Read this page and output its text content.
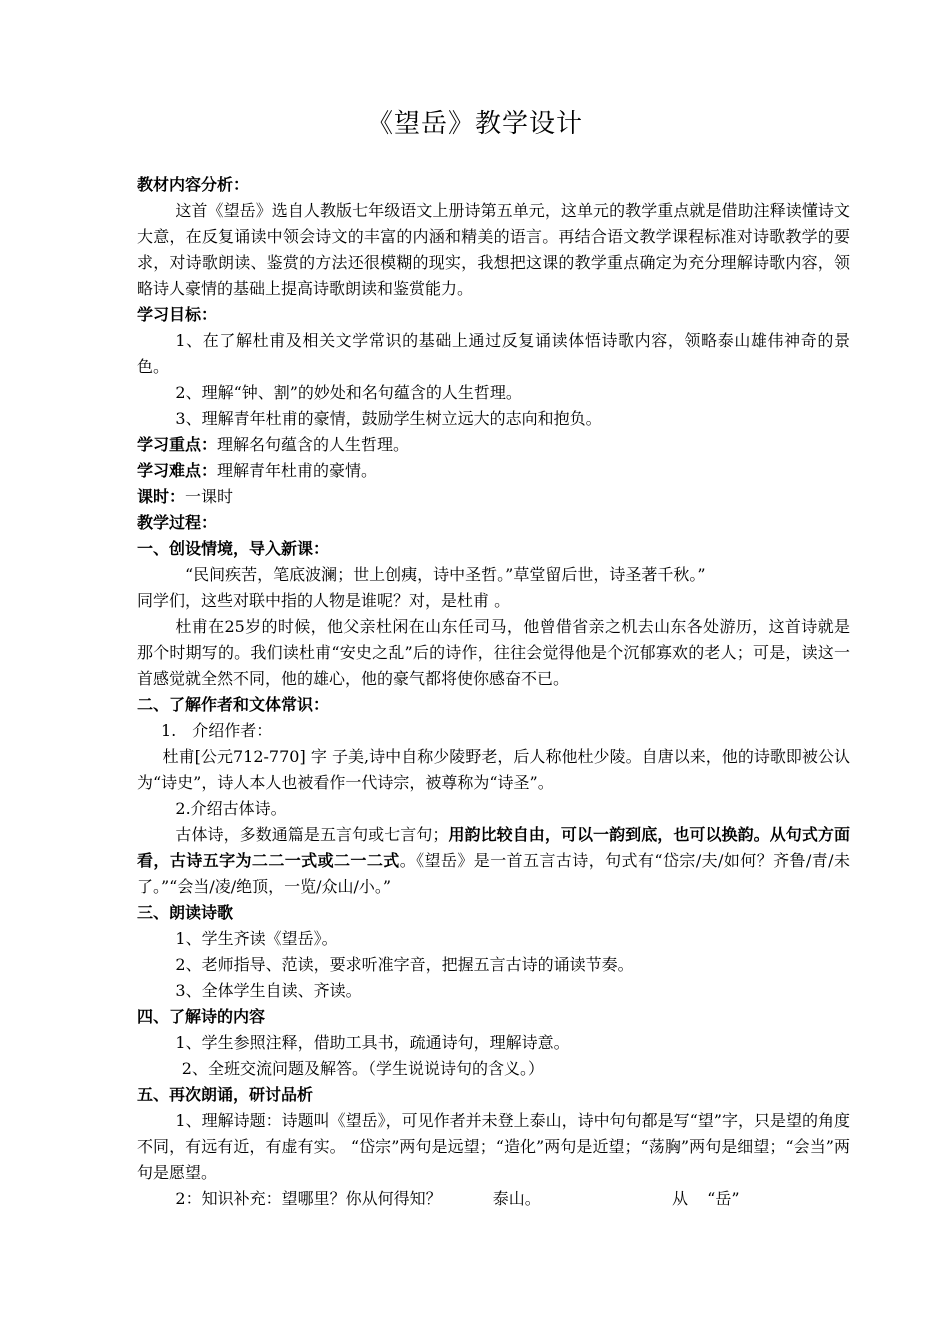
《望岳》教学设计

教材内容分析：

这首《望岳》选自人教版七年级语文上册诗第五单元，这单元的教学重点就是借助注释读懂诗文大意，在反复诵读中领会诗文的丰富的内涵和精美的语言。再结合语文教学课程标准对诗歌教学的要求，对诗歌朗读、鉴赏的方法还很模糊的现实，我想把这课的教学重点确定为充分理解诗歌内容，领略诗人豪情的基础上提高诗歌朗读和鉴赏能力。

学习目标：

1、在了解杜甫及相关文学常识的基础上通过反复诵读体悟诗歌内容，领略泰山雄伟神奇的景色。

2、理解“钟、割”的妙处和名句蕴含的人生哲理。

3、理解青年杜甫的豪情，鼓励学生树立远大的志向和抱负。

学习重点：理解名句蕴含的人生哲理。

学习难点：理解青年杜甫的豪情。

课时：一课时

教学过程：

一、创设情境，导入新课：

“民间疾苦，笔底波澜；世上创痍，诗中圣哲。”草堂留后世，诗圣著千秋。”

同学们，这些对联中指的人物是谁呢？对，是杜甫 。

杜甫在25岁的时候，他父亲杜闲在山东任司马，他曾借省亲之机去山东各处游历，这首诗就是那个时期写的。我们读杜甫“安史之乱”后的诗作，往往会觉得他是个沉郁寡欢的老人；可是，读这一首感觉就全然不同，他的雄心，他的豪气都将使你感奋不已。

二、了解作者和文体常识：

1.　介绍作者：

杜甫[公元712-770] 字 子美,诗中自称少陵野老，后人称他杜少陵。自唐以来，他的诗歌即被公认为“诗史”，诗人本人也被看作一代诗宗，被尊称为“诗圣”。

2.介绍古体诗。

古体诗，多数通篇是五言句或七言句；用韵比较自由，可以一韵到底，也可以换韵。从句式方面看，古诗五字为二二一式或二一二式。《望岳》是一首五言古诗，句式有“岱宗/夫/如何？齐鲁/青/未了。”“会当/凌/绝顶，一览/众山/小。”

三、朗读诗歌

1、学生齐读《望岳》。

2、老师指导、范读，要求听准字音，把握五言古诗的诵读节奏。

3、全体学生自读、齐读。

四、了解诗的内容

1、学生参照注释，借助工具书，疏通诗句，理解诗意。

2、全班交流问题及解答。（学生说说诗句的含义。）

五、再次朗诵，研讨品析

1、理解诗题：诗题叫《望岳》，可见作者并未登上泰山，诗中句句都是写“望”字，只是望的角度不同，有远有近，有虚有实。 “岱宗”两句是远望；“造化”两句是近望；“荡胸”两句是细望；“会当”两句是愿望。

2：知识补充：望哪里？你从何得知？	泰山。	从 “岳”
